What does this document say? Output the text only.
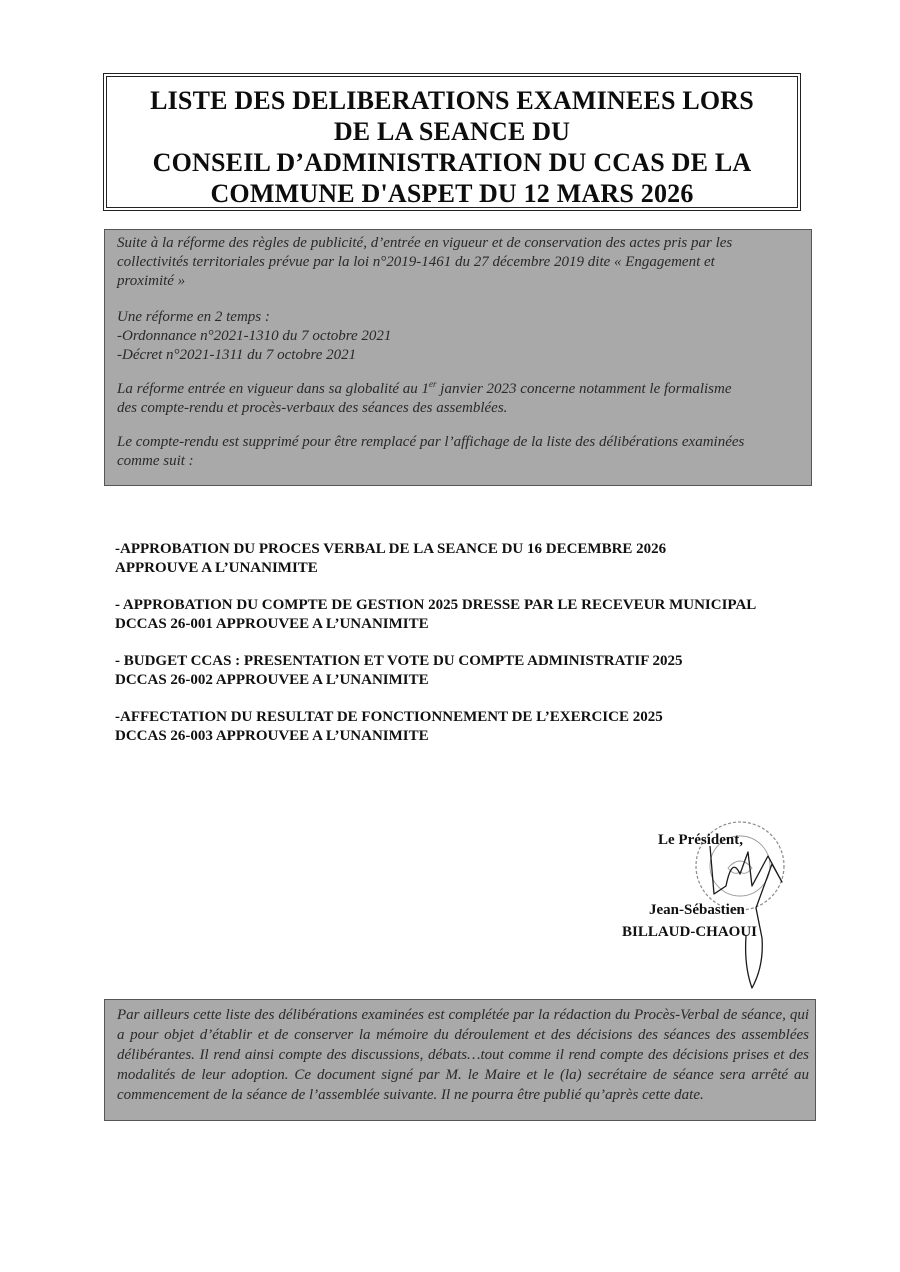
LISTE DES DELIBERATIONS EXAMINEES LORS
DE LA SEANCE DU
CONSEIL D’ADMINISTRATION DU CCAS DE LA
COMMUNE D'ASPET DU 12 MARS 2026

Suite à la réforme des règles de publicité, d’entrée en vigueur et de conservation des actes pris par les
collectivités territoriales prévue par la loi n°2019-1461 du 27 décembre 2019 dite « Engagement et
proximité »

Une réforme en 2 temps :
-Ordonnance n°2021-1310 du 7 octobre 2021
-Décret n°2021-1311 du 7 octobre 2021

La réforme entrée en vigueur dans sa globalité au 1er janvier 2023 concerne notamment le formalisme
des compte-rendu et procès-verbaux des séances des assemblées.

Le compte-rendu est supprimé pour être remplacé par l’affichage de la liste des délibérations examinées
comme suit :

-APPROBATION DU PROCES VERBAL DE LA SEANCE DU 16 DECEMBRE 2026
APPROUVE A L’UNANIMITE
- APPROBATION DU COMPTE DE GESTION 2025 DRESSE PAR LE RECEVEUR MUNICIPAL
DCCAS 26-001 APPROUVEE A L’UNANIMITE
- BUDGET CCAS : PRESENTATION ET VOTE DU COMPTE ADMINISTRATIF 2025
DCCAS 26-002 APPROUVEE A L’UNANIMITE
-AFFECTATION DU RESULTAT DE FONCTIONNEMENT DE L’EXERCICE 2025
DCCAS 26-003 APPROUVEE A L’UNANIMITE
Le Président,
Jean-Sébastien
BILLAUD-CHAOUI

Par ailleurs cette liste des délibérations examinées est complétée par la rédaction du Procès-Verbal de séance, qui a pour objet d’établir et de conserver la mémoire du déroulement et des décisions des séances des assemblées délibérantes. Il rend ainsi compte des discussions, débats…tout comme il rend compte des décisions prises et des modalités de leur adoption. Ce document signé par M. le Maire et le (la) secrétaire de séance sera arrêté au commencement de la séance de l’assemblée suivante. Il ne pourra être publié qu’après cette date.
